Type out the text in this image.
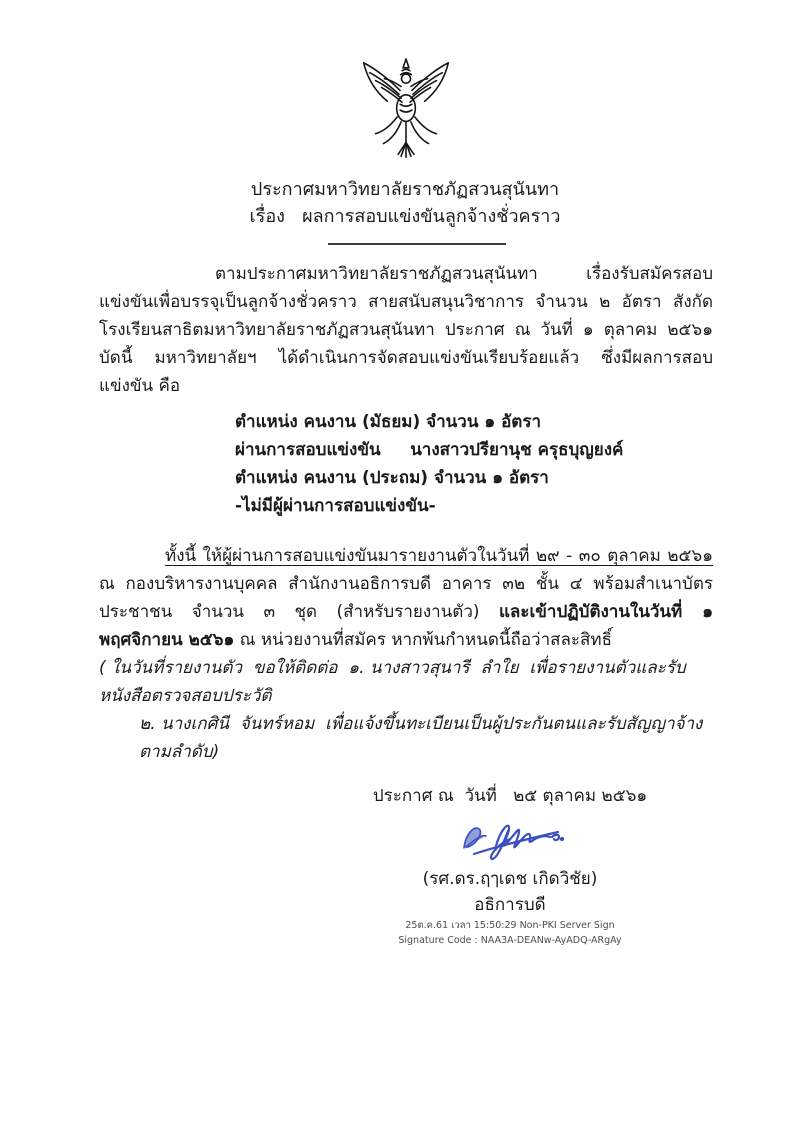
ประกาศมหาวิทยาลัยราชภัฏสวนสุนันทา
เรื่อง   ผลการสอบแข่งขันลูกจ้างชั่วคราว

ตามประกาศมหาวิทยาลัยราชภัฏสวนสุนันทา เรื่องรับสมัครสอบแข่งขันเพื่อบรรจุเป็นลูกจ้างชั่วคราว สายสนับสนุนวิชาการ จำนวน ๒ อัตรา สังกัด โรงเรียนสาธิตมหาวิทยาลัยราชภัฏสวนสุนันทา ประกาศ ณ วันที่ ๑ ตุลาคม ๒๕๖๑ บัดนี้ มหาวิทยาลัยฯ ได้ดำเนินการจัดสอบแข่งขันเรียบร้อยแล้ว ซึ่งมีผลการสอบแข่งขัน คือ

ตำแหน่ง คนงาน (มัธยม) จำนวน ๑ อัตรา
ผ่านการสอบแข่งขัน     นางสาวปรียานุช ครุธบุญยงค์
ตำแหน่ง คนงาน (ประถม) จำนวน ๑ อัตรา
-ไม่มีผู้ผ่านการสอบแข่งขัน-

ทั้งนี้ ให้ผู้ผ่านการสอบแข่งขันมารายงานตัวในวันที่ ๒๙ - ๓๐ ตุลาคม ๒๕๖๑ ณ กองบริหารงานบุคคล สำนักงานอธิการบดี อาคาร ๓๒ ชั้น ๔ พร้อมสำเนาบัตรประชาชน จำนวน ๓ ชุด (สำหรับรายงานตัว) และเข้าปฏิบัติงานในวันที่ ๑ พฤศจิกายน ๒๕๖๑ ณ หน่วยงานที่สมัคร หากพ้นกำหนดนี้ถือว่าสละสิทธิ์

( ในวันที่รายงานตัว  ขอให้ติดต่อ  ๑. นางสาวสุนารี  ลำใย  เพื่อรายงานตัวและรับหนังสือตรวจสอบประวัติ
๒. นางเกศินี  จันทร์หอม  เพื่อแจ้งขึ้นทะเบียนเป็นผู้ประกันตนและรับสัญญาจ้างตามลำดับ)
ประกาศ ณ  วันที่   ๒๕ ตุลาคม ๒๕๖๑
(รศ.ดร.ฤๅเดช เกิดวิชัย)
อธิการบดี
25ต.ค.61 เวลา 15:50:29 Non-PKI Server Sign
Signature Code : NAA3A-DEANw-AyADQ-ARgAy
